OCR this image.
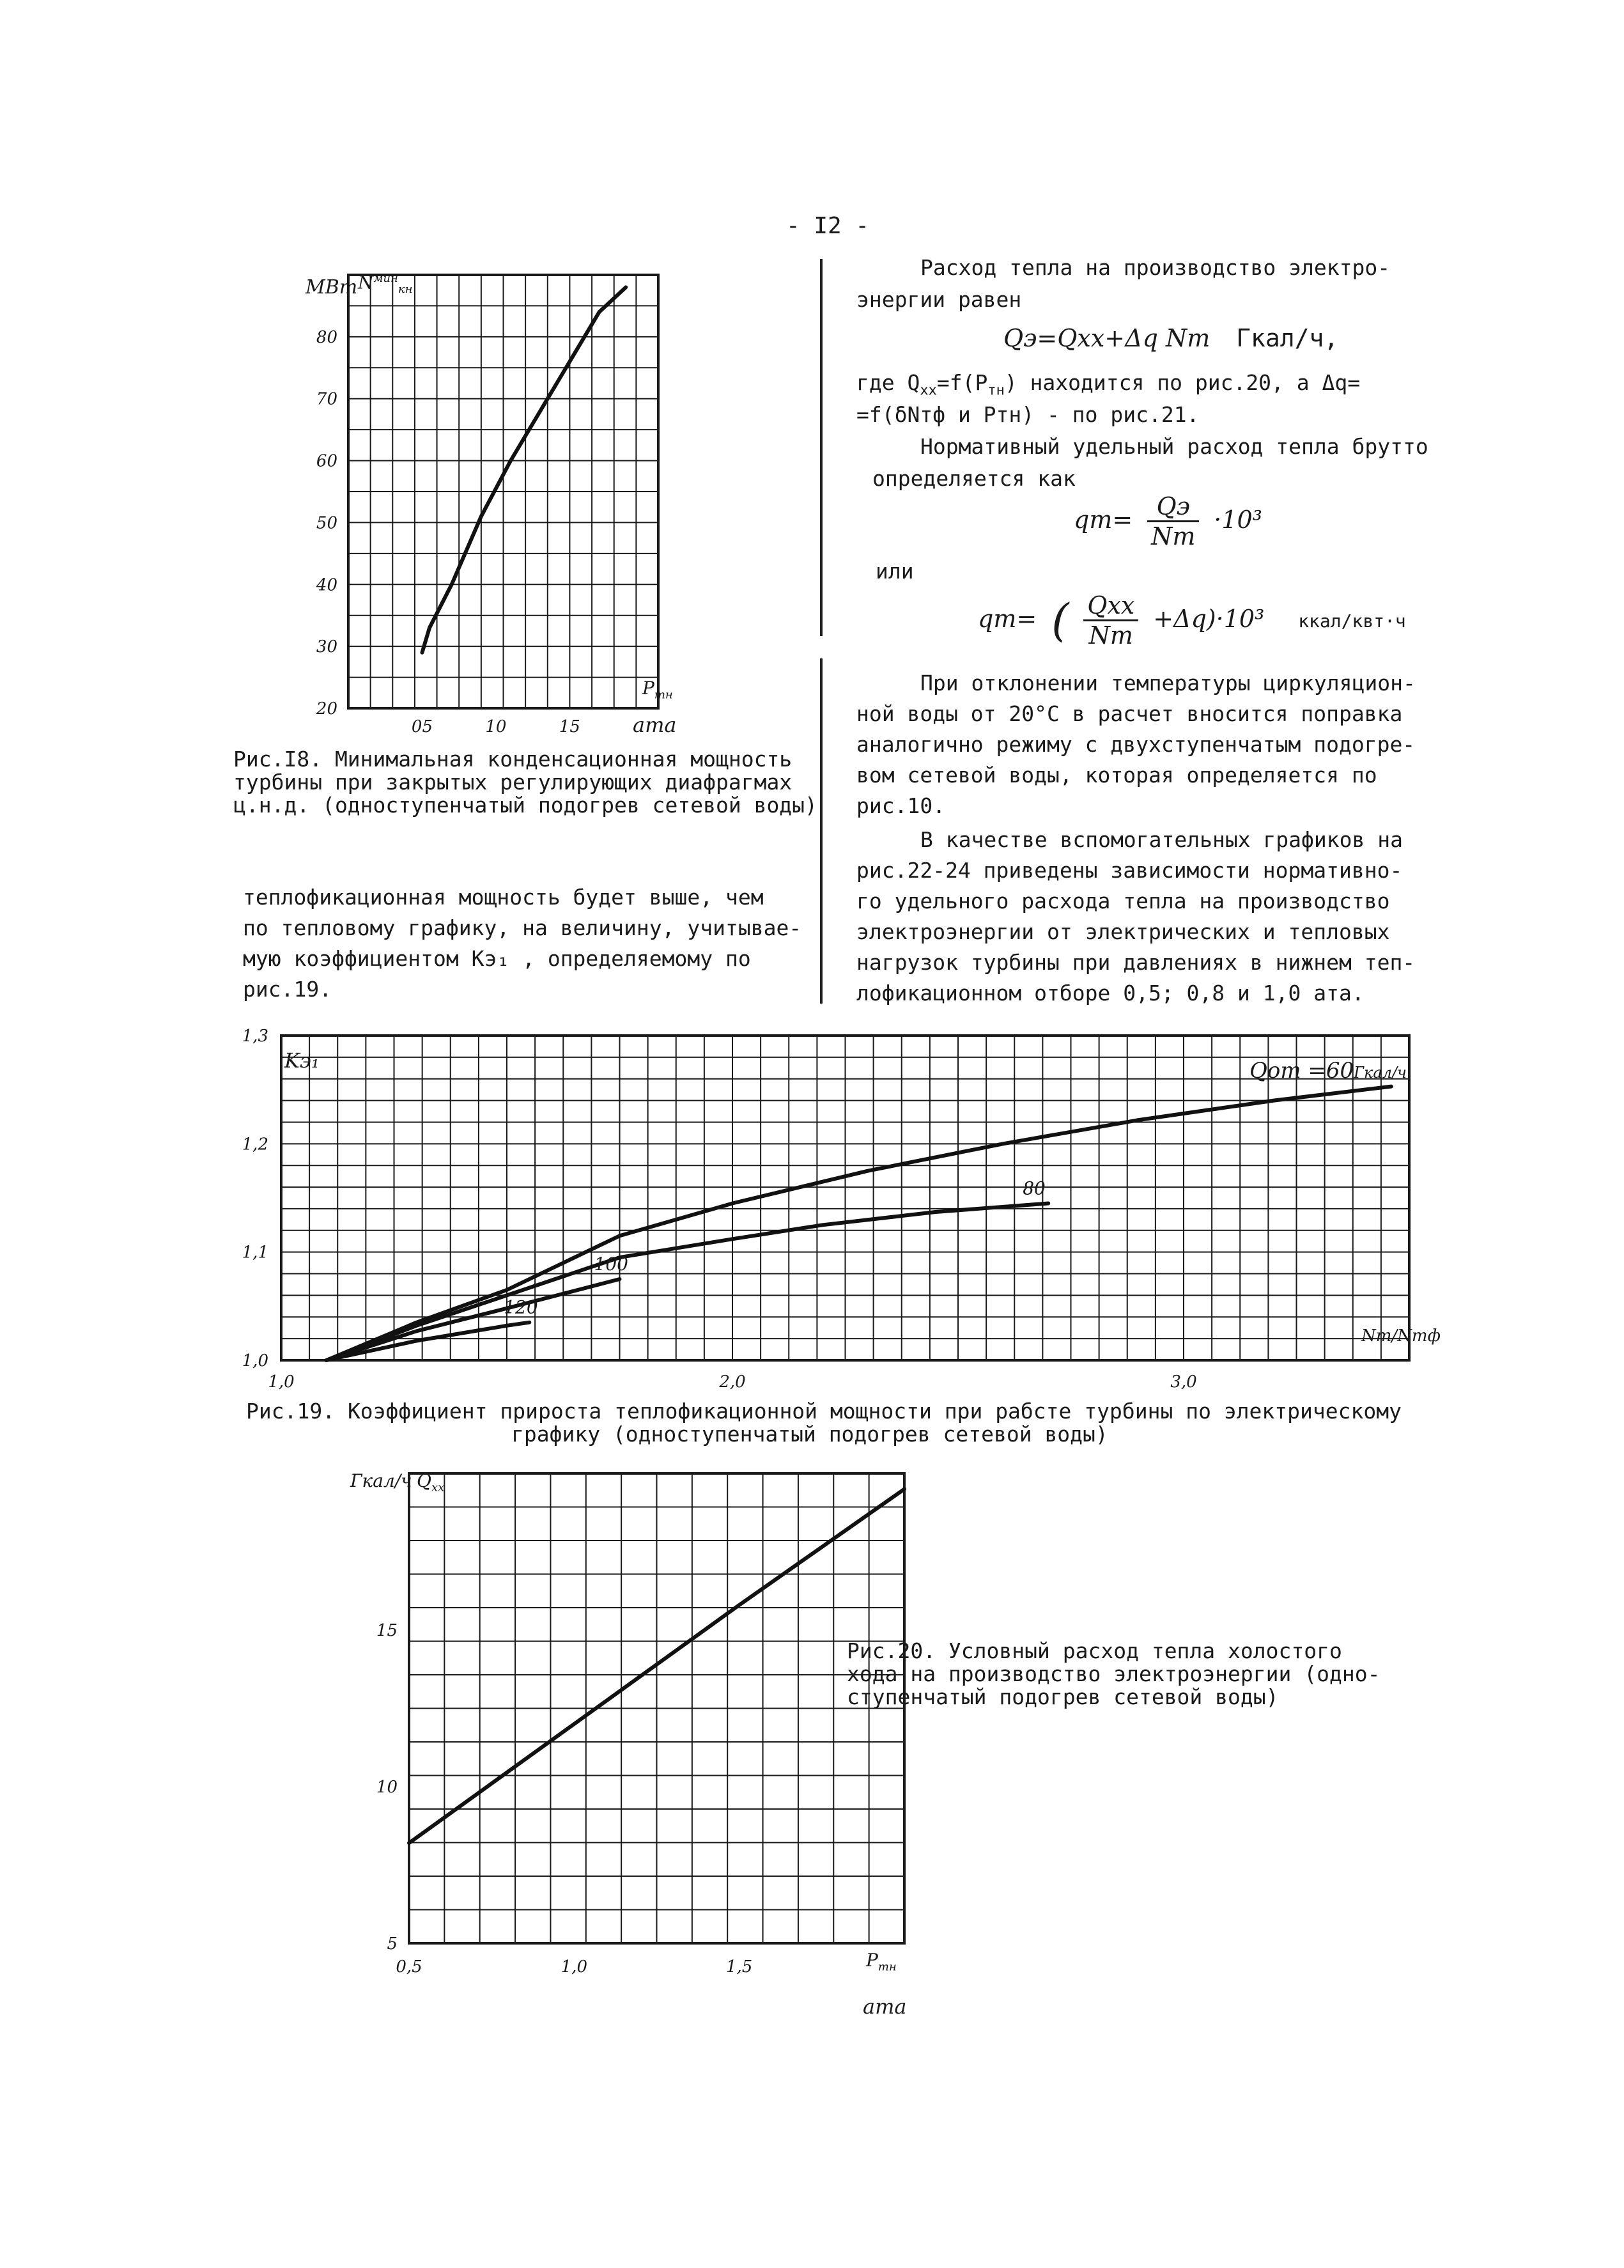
- I2 -
Расход тепла на производство электро-
энергии равен
Qэ=Qxx+Δq Nт Гкал/ч,
где $Q_{xx}=f(P_{тн})$ находится по рис.20, а Δq=
=f(δNтф и Pтн) - по рис.21.
Нормативный удельный расход тепла брутто
определяется как
$qт= \frac{Qэ}{Nт} \cdot 10^3$
или
qт= ( $\frac{\text{Qxx}}{Nт} +\Delta q)\cdot 10^3$ ккал/квт·ч
При отклонении температуры циркуляцион-
ной воды от 20°С в расчет вносится поправка
аналогично режиму с двухступенчатым подогре-
вом сетевой воды, которая определяется по
рис.10.
В качестве вспомогательных графиков на
рис.22-24 приведены зависимости нормативно-
го удельного расхода тепла на производство
электроэнергии от электрических и тепловых
нагрузок турбины при давлениях в нижнем теп-
лофикационном отборе 0,5; 0,8 и 1,0 ата.
05	10	15
20
30
40
50
60
70
80
МВт $N^{мин}_{кн}$
$P_{тн}$
ата
Рис.I8. Минимальная конденсационная мощность
турбины при закрытых регулирующих диафрагмах
ц.н.д. (одноступенчатый подогрев сетевой воды)
теплофикационная мощность будет выше, чем
по тепловому графику, на величину, учитывае-
мую коэффициентом Kэ₁ , определяемому по
рис.19.
1,0	2,0	3,0
1,0
1,1
1,2
1,3
80
100
120
Kэ₁
Nт/Nтф
Qот =60Гкал/ч
Рис.19. Коэффициент прироста теплофикационной мощности при рабсте турбины по электрическому
графику (одноступенчатый подогрев сетевой воды)
0,5	1,0	1,5
5
10
15
Гкал/ч $Q_{xx}$
$P_{тн}$
ата
Рис.20. Условный расход тепла холостого
хода на производство электроэнергии (одно-
ступенчатый подогрев сетевой воды)
